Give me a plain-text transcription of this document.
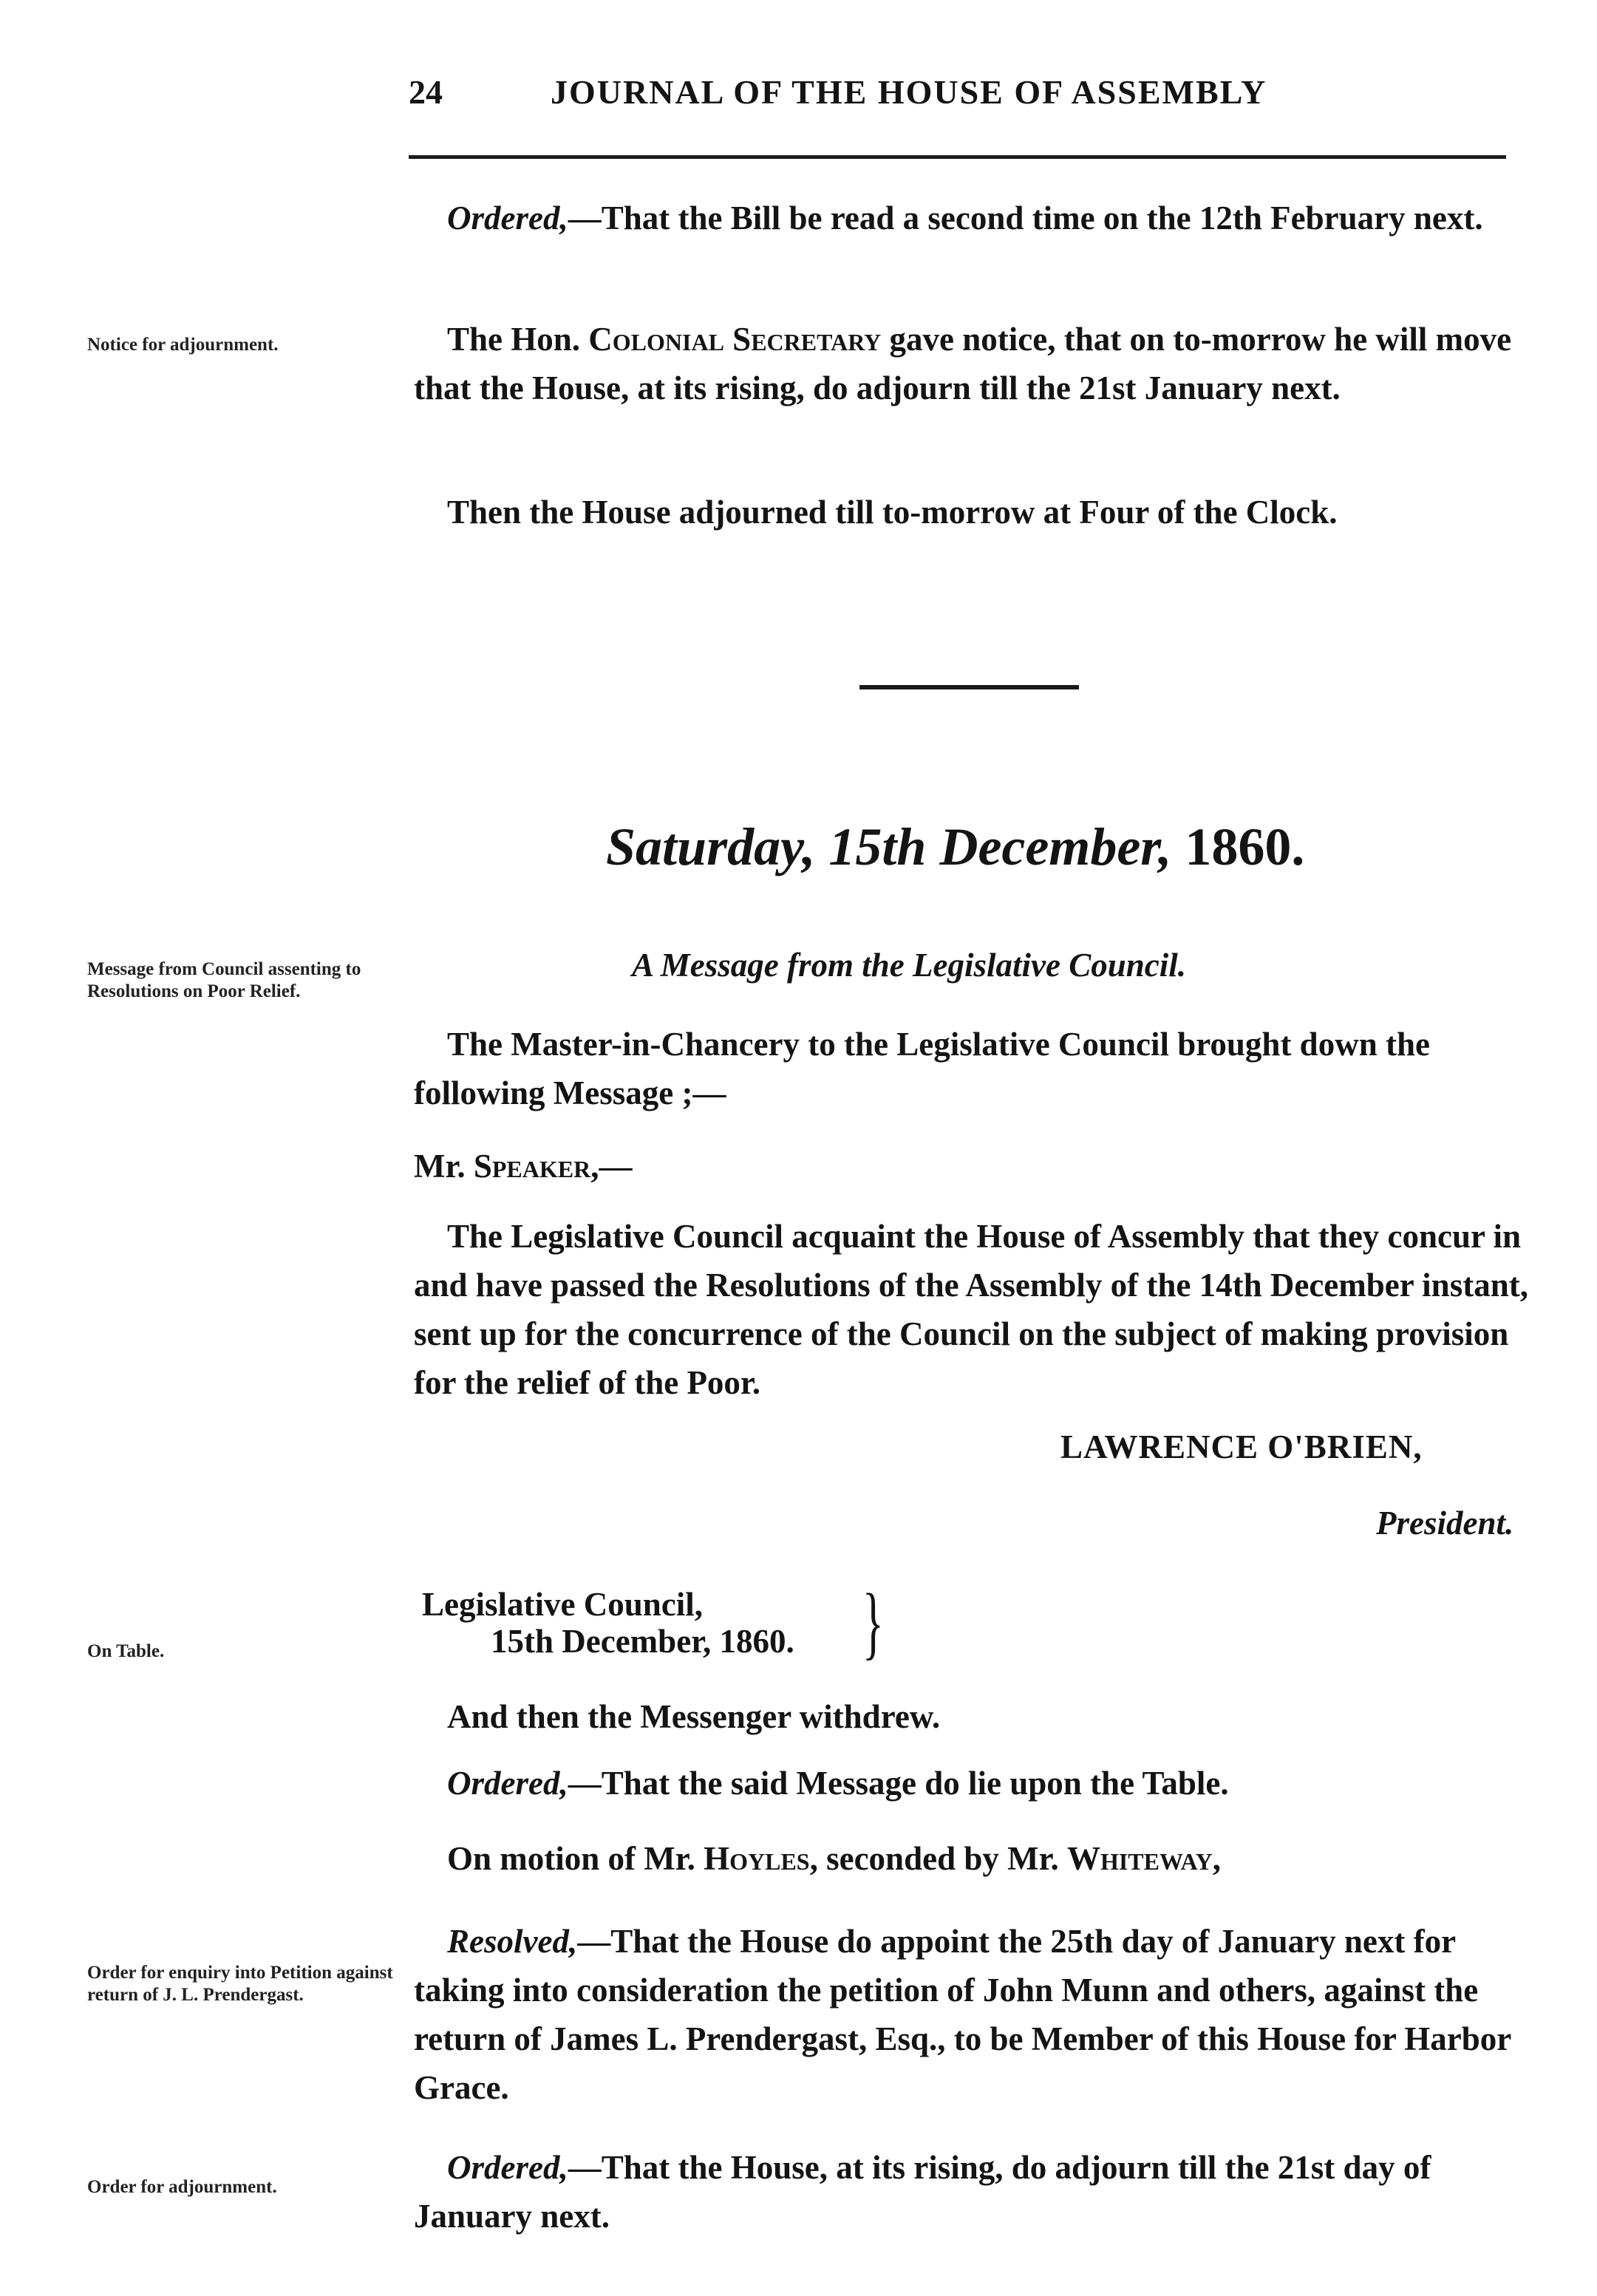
24	JOURNAL OF THE HOUSE OF ASSEMBLY
Notice for adjournment.
Message from Council assenting to Resolutions on Poor Relief.
On Table.
Order for enquiry into Petition against return of J. L. Prendergast.
Order for adjournment.
Ordered,—That the Bill be read a second time on the 12th February next.
The Hon. Colonial Secretary gave notice, that on to-morrow he will move that the House, at its rising, do adjourn till the 21st January next.
Then the House adjourned till to-morrow at Four of the Clock.
Saturday, 15th December, 1860.
A Message from the Legislative Council.
The Master-in-Chancery to the Legislative Council brought down the following Message ;—
Mr. Speaker,—
The Legislative Council acquaint the House of Assembly that they concur in and have passed the Resolutions of the Assembly of the 14th December instant, sent up for the concurrence of the Council on the subject of making provision for the relief of the Poor.
LAWRENCE O'BRIEN,
President.
Legislative Council,
15th December, 1860. }
And then the Messenger withdrew.
Ordered,—That the said Message do lie upon the Table.
On motion of Mr. Hoyles, seconded by Mr. Whiteway,
Resolved,—That the House do appoint the 25th day of January next for taking into consideration the petition of John Munn and others, against the return of James L. Prendergast, Esq., to be Member of this House for Harbor Grace.
Ordered,—That the House, at its rising, do adjourn till the 21st day of January next.
